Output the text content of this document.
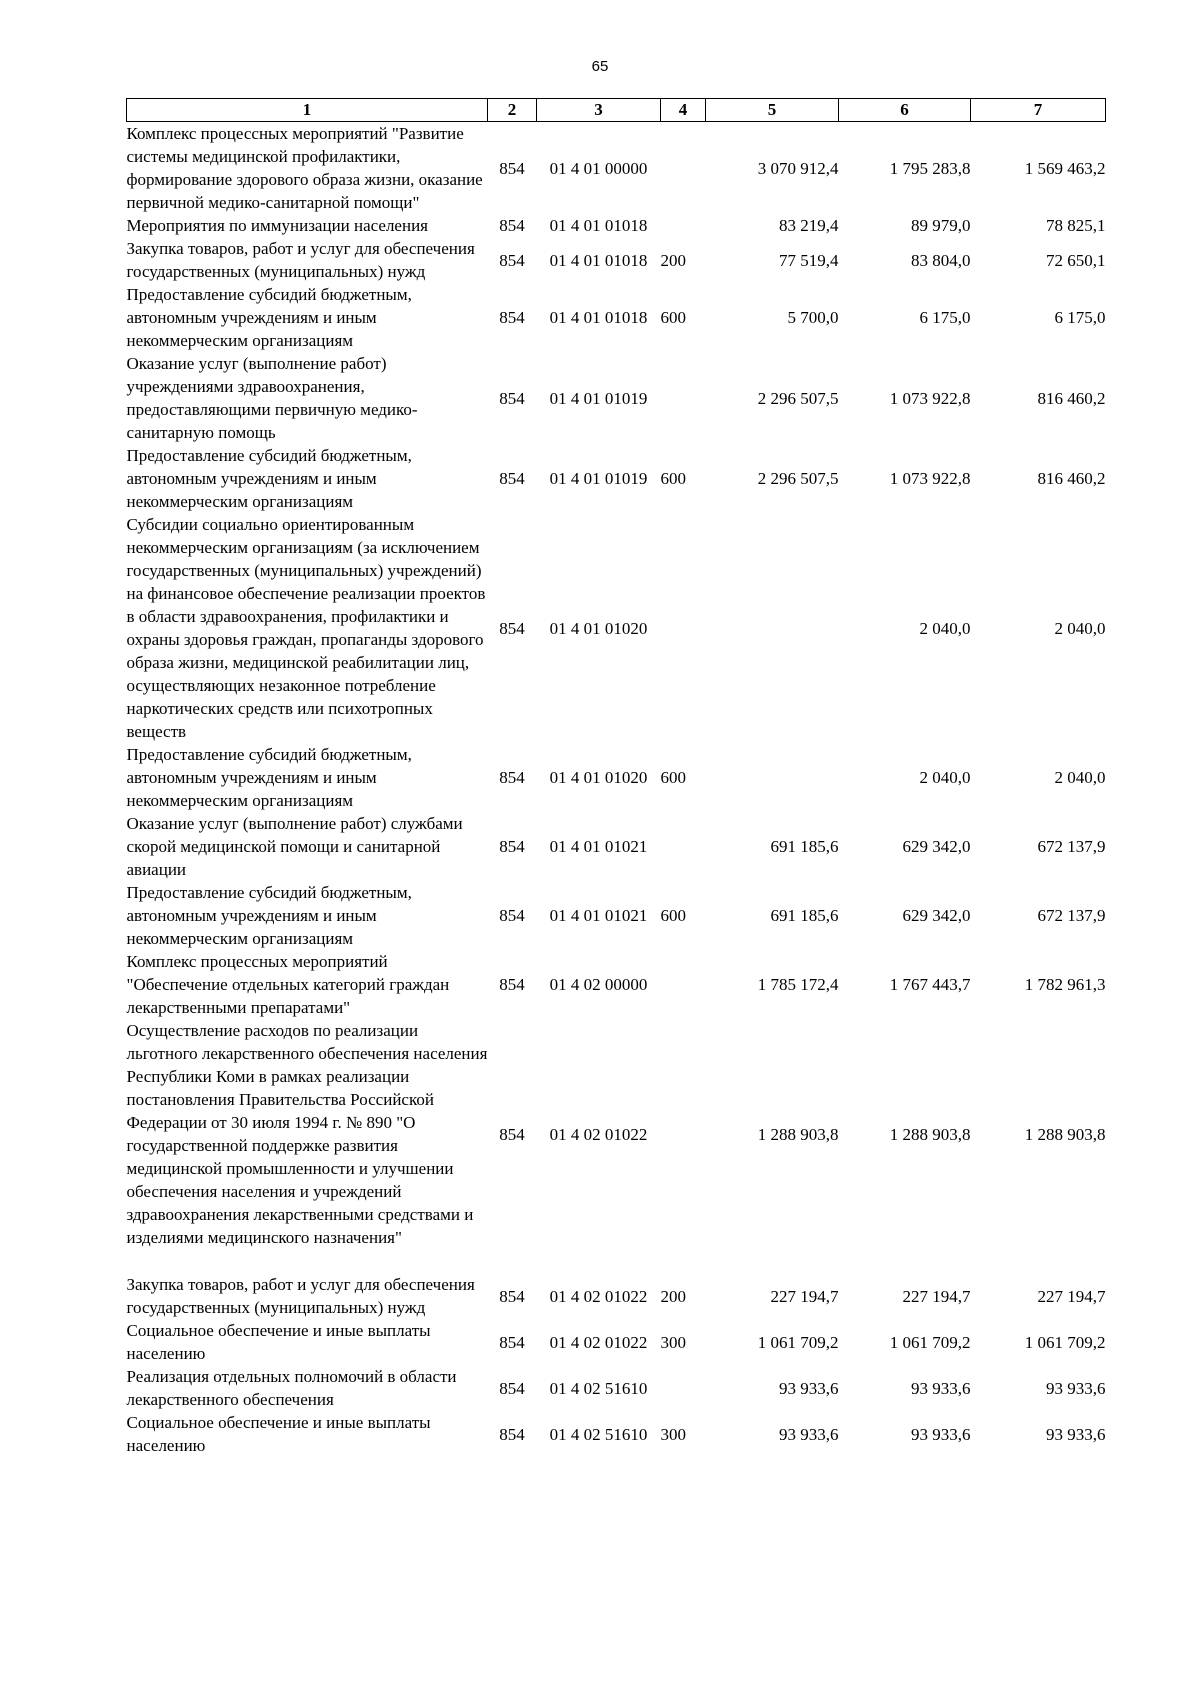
65
1	2	3	4	5	6	7
Комплекс процессных мероприятий "Развитие системы медицинской профилактики, формирование здорового образа жизни, оказание первичной медико-санитарной помощи"	854	01 4 01 00000		3 070 912,4	1 795 283,8	1 569 463,2
Мероприятия по иммунизации населения	854	01 4 01 01018		83 219,4	89 979,0	78 825,1
Закупка товаров, работ и услуг для обеспечения государственных (муниципальных) нужд	854	01 4 01 01018	200	77 519,4	83 804,0	72 650,1
Предоставление субсидий бюджетным, автономным учреждениям и иным некоммерческим организациям	854	01 4 01 01018	600	5 700,0	6 175,0	6 175,0
Оказание услуг (выполнение работ) учреждениями здравоохранения, предоставляющими первичную медико-санитарную помощь	854	01 4 01 01019		2 296 507,5	1 073 922,8	816 460,2
Предоставление субсидий бюджетным, автономным учреждениям и иным некоммерческим организациям	854	01 4 01 01019	600	2 296 507,5	1 073 922,8	816 460,2
Субсидии социально ориентированным некоммерческим организациям (за исключением государственных (муниципальных) учреждений) на финансовое обеспечение реализации проектов в области здравоохранения, профилактики и охраны здоровья граждан, пропаганды здорового образа жизни, медицинской реабилитации лиц, осуществляющих незаконное потребление наркотических средств или психотропных веществ	854	01 4 01 01020			2 040,0	2 040,0
Предоставление субсидий бюджетным, автономным учреждениям и иным некоммерческим организациям	854	01 4 01 01020	600		2 040,0	2 040,0
Оказание услуг (выполнение работ) службами скорой медицинской помощи и санитарной авиации	854	01 4 01 01021		691 185,6	629 342,0	672 137,9
Предоставление субсидий бюджетным, автономным учреждениям и иным некоммерческим организациям	854	01 4 01 01021	600	691 185,6	629 342,0	672 137,9
Комплекс процессных мероприятий "Обеспечение отдельных категорий граждан лекарственными препаратами"	854	01 4 02 00000		1 785 172,4	1 767 443,7	1 782 961,3
Осуществление расходов по реализации льготного лекарственного обеспечения населения Республики Коми в рамках реализации постановления Правительства Российской Федерации от 30 июля 1994 г. № 890 "О государственной поддержке развития медицинской промышленности и улучшении обеспечения населения и учреждений здравоохранения лекарственными средствами и изделиями медицинского назначения"	854	01 4 02 01022		1 288 903,8	1 288 903,8	1 288 903,8

Закупка товаров, работ и услуг для обеспечения государственных (муниципальных) нужд	854	01 4 02 01022	200	227 194,7	227 194,7	227 194,7
Социальное обеспечение и иные выплаты населению	854	01 4 02 01022	300	1 061 709,2	1 061 709,2	1 061 709,2
Реализация отдельных полномочий в области лекарственного обеспечения	854	01 4 02 51610		93 933,6	93 933,6	93 933,6
Социальное обеспечение и иные выплаты населению	854	01 4 02 51610	300	93 933,6	93 933,6	93 933,6
